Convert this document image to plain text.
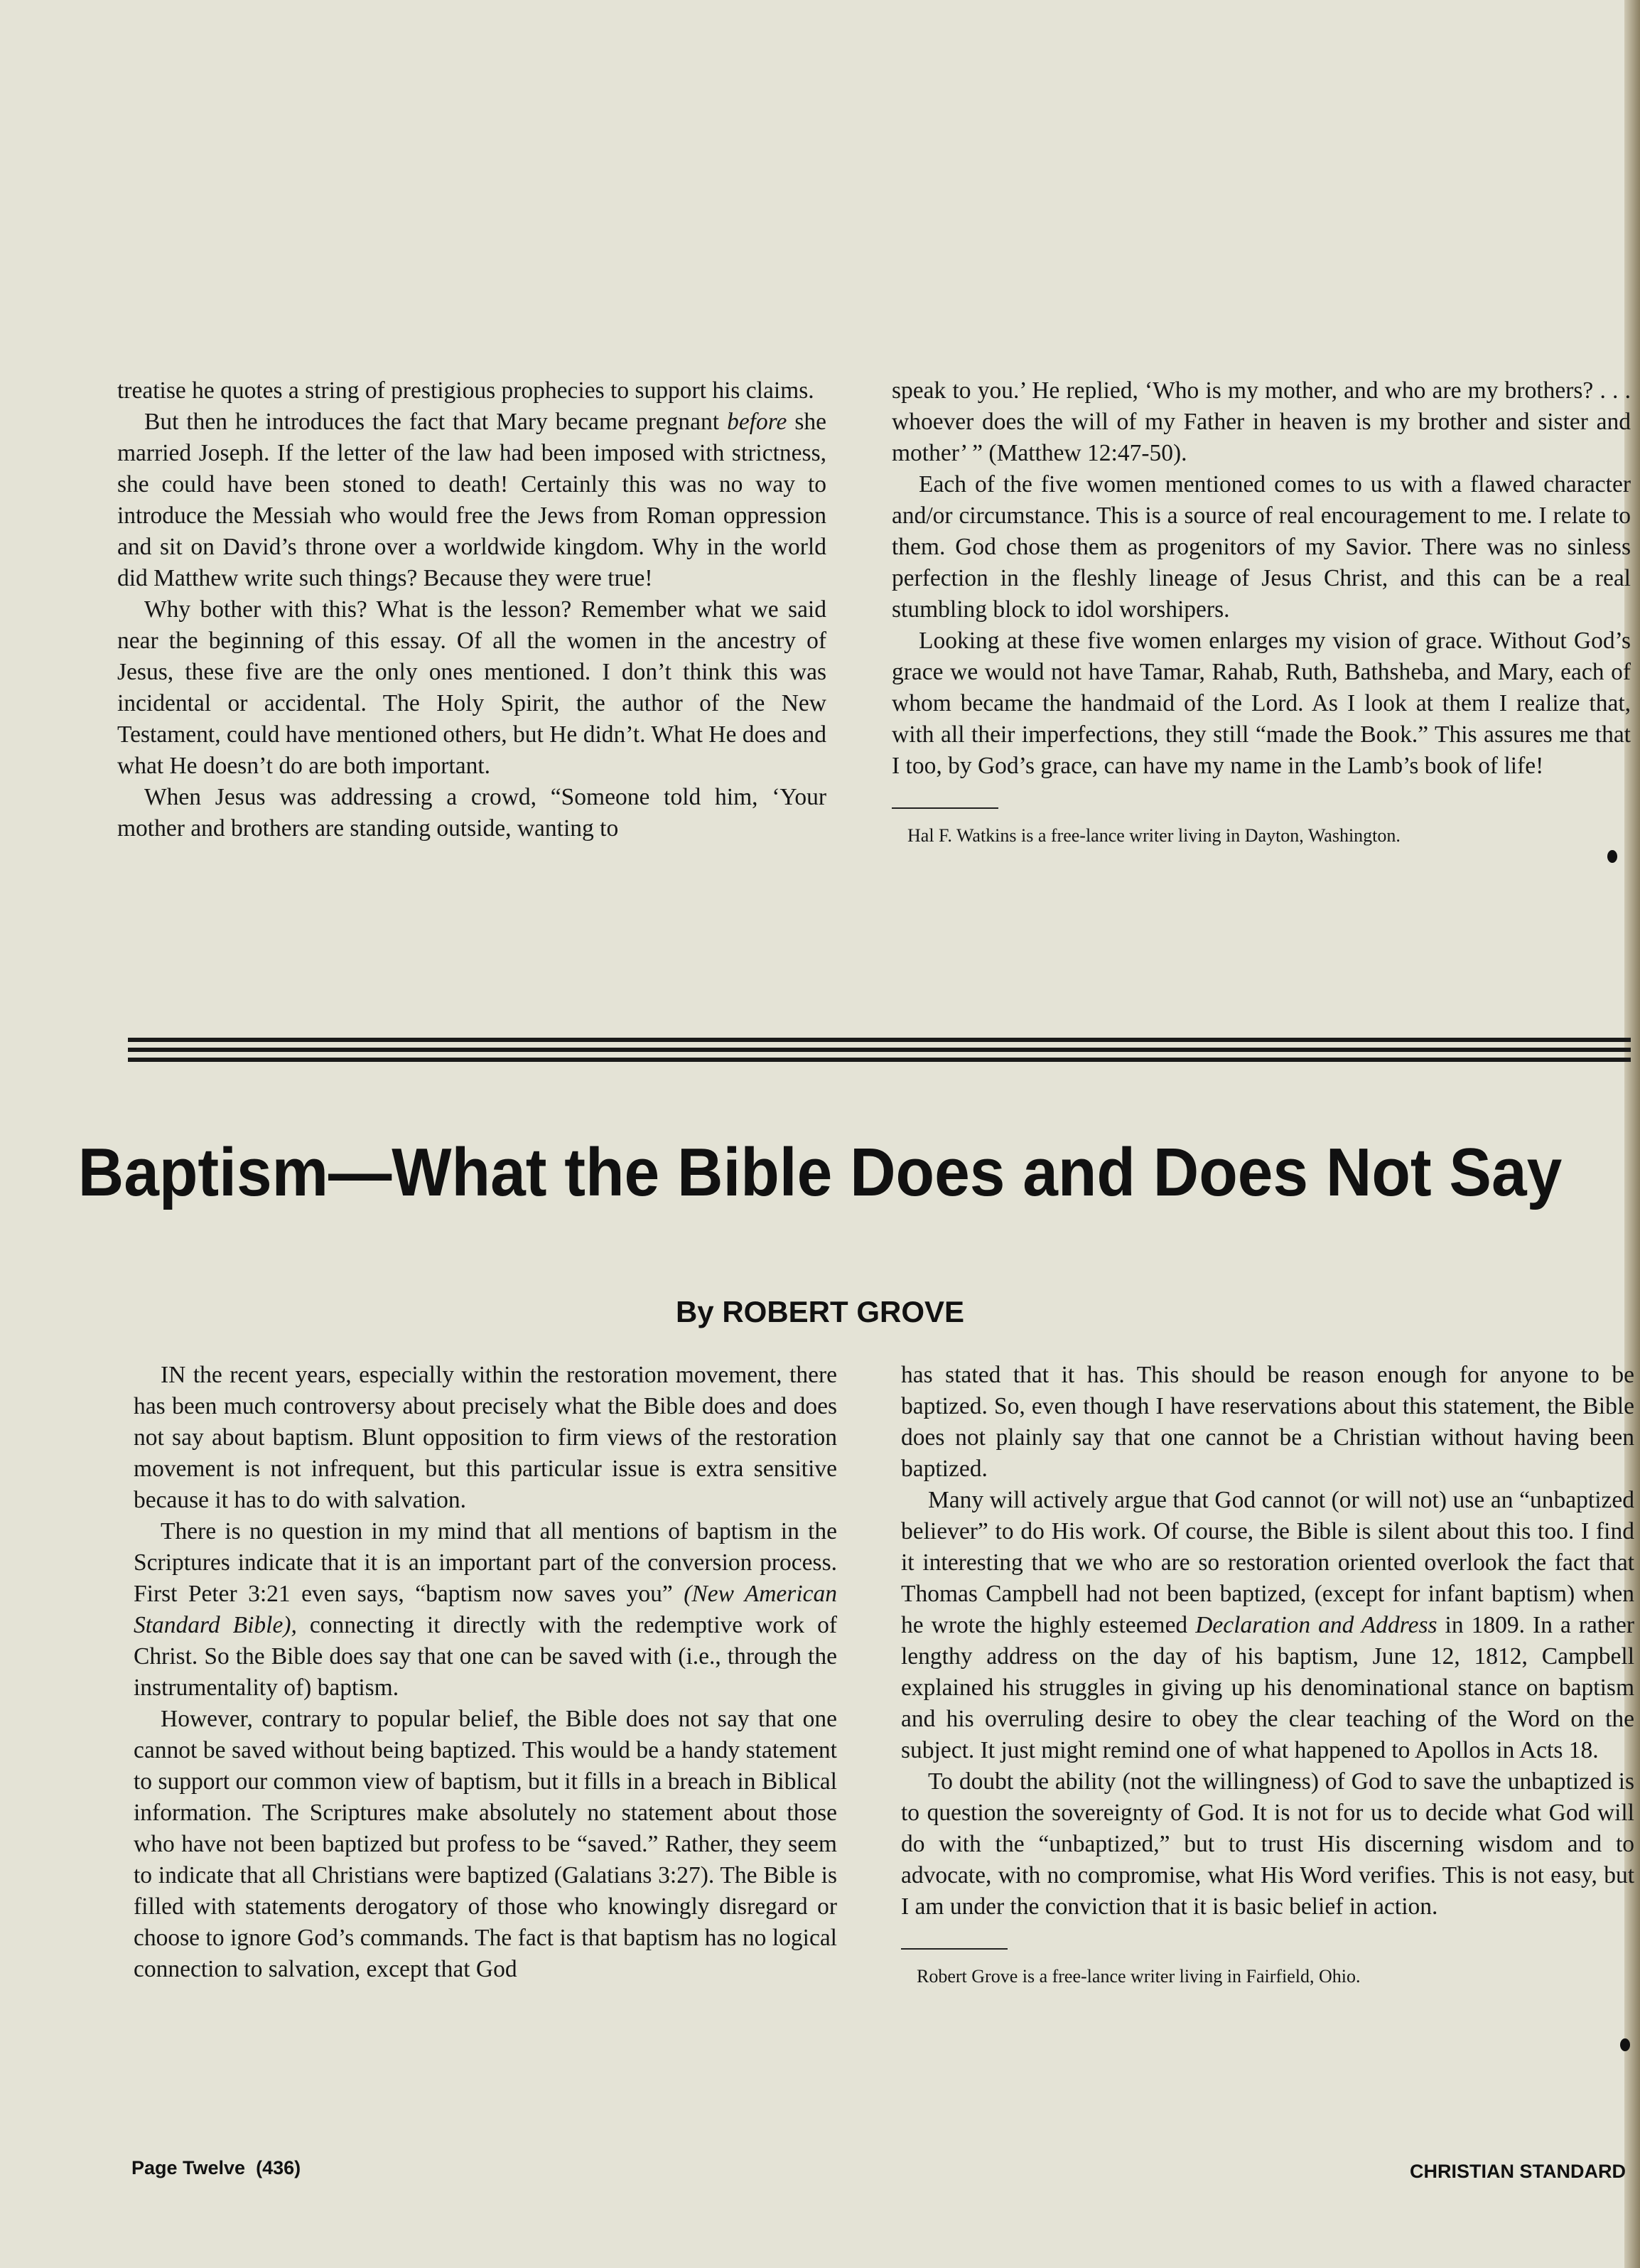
treatise he quotes a string of prestigious prophecies to support his claims.

But then he introduces the fact that Mary became pregnant before she married Joseph. If the letter of the law had been imposed with strictness, she could have been stoned to death! Certainly this was no way to introduce the Messiah who would free the Jews from Roman oppression and sit on David’s throne over a worldwide kingdom. Why in the world did Matthew write such things? Because they were true!

Why bother with this? What is the lesson? Remember what we said near the beginning of this essay. Of all the women in the ancestry of Jesus, these five are the only ones mentioned. I don’t think this was incidental or accidental. The Holy Spirit, the author of the New Testament, could have mentioned others, but He didn’t. What He does and what He doesn’t do are both important.

When Jesus was addressing a crowd, “Someone told him, ‘Your mother and brothers are standing outside, wanting to

speak to you.’ He replied, ‘Who is my mother, and who are my brothers? . . . whoever does the will of my Father in heaven is my brother and sister and mother’ ” (Matthew 12:47-50).

Each of the five women mentioned comes to us with a flawed character and/or circumstance. This is a source of real encouragement to me. I relate to them. God chose them as progenitors of my Savior. There was no sinless perfection in the fleshly lineage of Jesus Christ, and this can be a real stumbling block to idol worshipers.

Looking at these five women enlarges my vision of grace. Without God’s grace we would not have Tamar, Rahab, Ruth, Bathsheba, and Mary, each of whom became the handmaid of the Lord. As I look at them I realize that, with all their imperfections, they still “made the Book.” This assures me that I too, by God’s grace, can have my name in the Lamb’s book of life!

Hal F. Watkins is a free-lance writer living in Dayton, Washington.

Baptism—What the Bible Does and Does Not Say
By ROBERT GROVE

IN the recent years, especially within the restoration movement, there has been much controversy about precisely what the Bible does and does not say about baptism. Blunt opposition to firm views of the restoration movement is not infrequent, but this particular issue is extra sensitive because it has to do with salvation.

There is no question in my mind that all mentions of baptism in the Scriptures indicate that it is an important part of the conversion process. First Peter 3:21 even says, “baptism now saves you” (New American Standard Bible), connecting it directly with the redemptive work of Christ. So the Bible does say that one can be saved with (i.e., through the instrumentality of) baptism.

However, contrary to popular belief, the Bible does not say that one cannot be saved without being baptized. This would be a handy statement to support our common view of baptism, but it fills in a breach in Biblical information. The Scriptures make absolutely no statement about those who have not been baptized but profess to be “saved.” Rather, they seem to indicate that all Christians were baptized (Galatians 3:27). The Bible is filled with statements derogatory of those who knowingly disregard or choose to ignore God’s commands. The fact is that baptism has no logical connection to salvation, except that God

has stated that it has. This should be reason enough for anyone to be baptized. So, even though I have reservations about this statement, the Bible does not plainly say that one cannot be a Christian without having been baptized.

Many will actively argue that God cannot (or will not) use an “unbaptized believer” to do His work. Of course, the Bible is silent about this too. I find it interesting that we who are so restoration oriented overlook the fact that Thomas Campbell had not been baptized, (except for infant baptism) when he wrote the highly esteemed Declaration and Address in 1809. In a rather lengthy address on the day of his baptism, June 12, 1812, Campbell explained his struggles in giving up his denominational stance on baptism and his overruling desire to obey the clear teaching of the Word on the subject. It just might remind one of what happened to Apollos in Acts 18.

To doubt the ability (not the willingness) of God to save the unbaptized is to question the sovereignty of God. It is not for us to decide what God will do with the “unbaptized,” but to trust His discerning wisdom and to advocate, with no compromise, what His Word verifies. This is not easy, but I am under the conviction that it is basic belief in action.

Robert Grove is a free-lance writer living in Fairfield, Ohio.

Page Twelve  (436)	CHRISTIAN STANDARD
